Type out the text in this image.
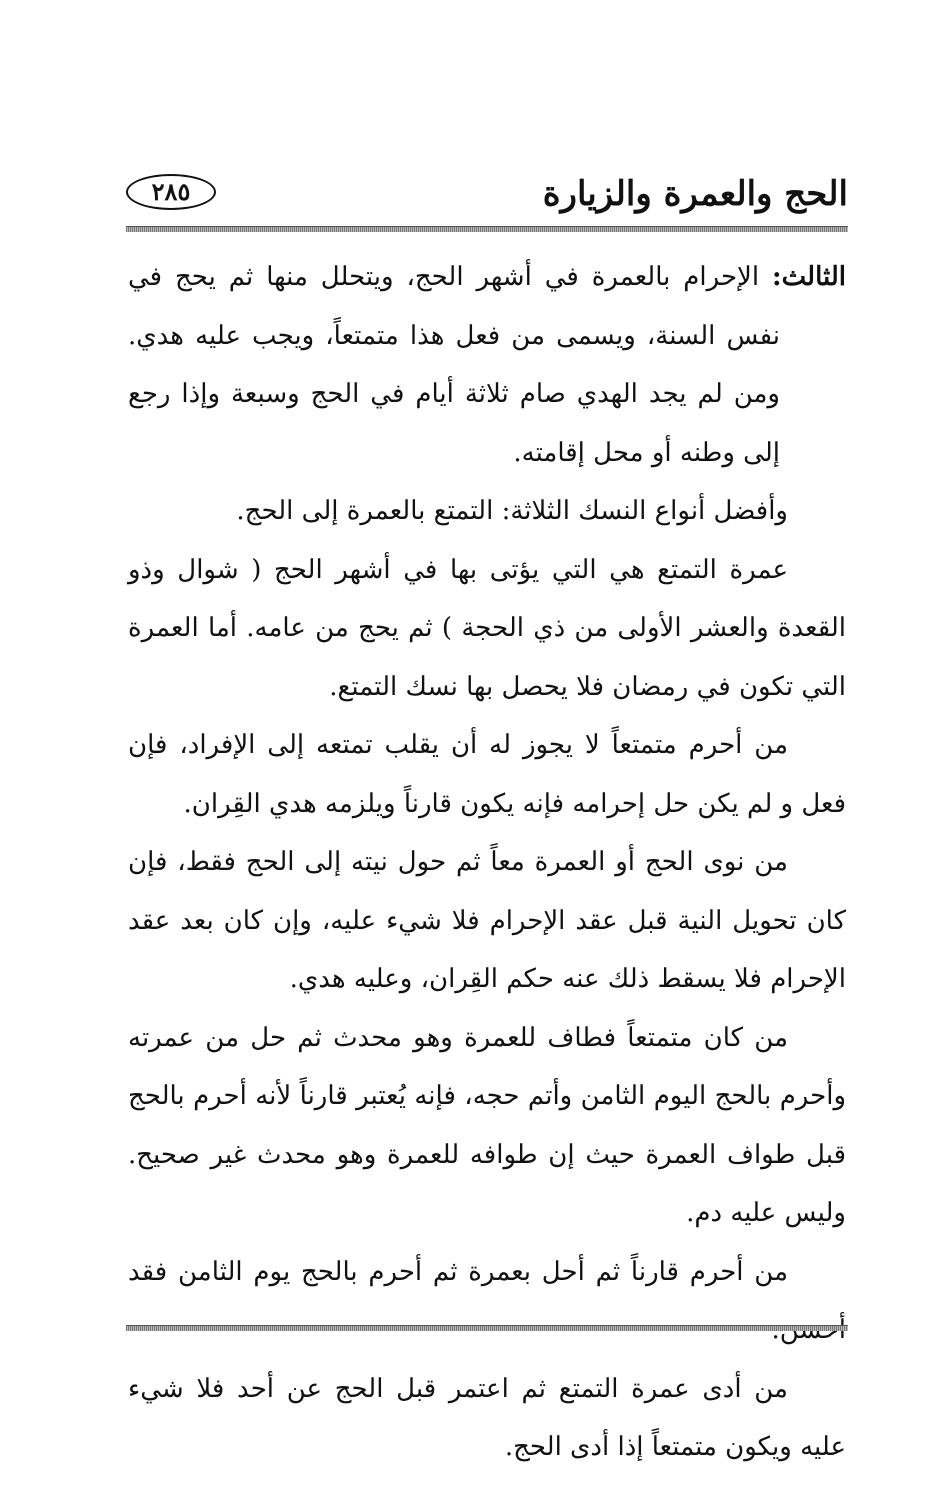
الحج والعمرة والزيارة
٢٨٥

الثالث: الإحرام بالعمرة في أشهر الحج، ويتحلل منها ثم يحج في نفس السنة، ويسمى من فعل هذا متمتعاً، ويجب عليه هدي. ومن لم يجد الهدي صام ثلاثة أيام في الحج وسبعة وإذا رجع إلى وطنه أو محل إقامته.

وأفضل أنواع النسك الثلاثة: التمتع بالعمرة إلى الحج.

عمرة التمتع هي التي يؤتى بها في أشهر الحج ( شوال وذو القعدة والعشر الأولى من ذي الحجة ) ثم يحج من عامه. أما العمرة التي تكون في رمضان فلا يحصل بها نسك التمتع.

من أحرم متمتعاً لا يجوز له أن يقلب تمتعه إلى الإفراد، فإن فعل و لم يكن حل إحرامه فإنه يكون قارناً ويلزمه هدي القِران.

من نوى الحج أو العمرة معاً ثم حول نيته إلى الحج فقط، فإن كان تحويل النية قبل عقد الإحرام فلا شيء عليه، وإن كان بعد عقد الإحرام فلا يسقط ذلك عنه حكم القِران، وعليه هدي.

من كان متمتعاً فطاف للعمرة وهو محدث ثم حل من عمرته وأحرم بالحج اليوم الثامن وأتم حجه، فإنه يُعتبر قارناً لأنه أحرم بالحج قبل طواف العمرة حيث إن طوافه للعمرة وهو محدث غير صحيح. وليس عليه دم.

من أحرم قارناً ثم أحل بعمرة ثم أحرم بالحج يوم الثامن فقد

من أدى عمرة التمتع ثم اعتمر قبل الحج عن أحد فلا شيء عليه ويكون متمتعاً إذا أدى الحج.
